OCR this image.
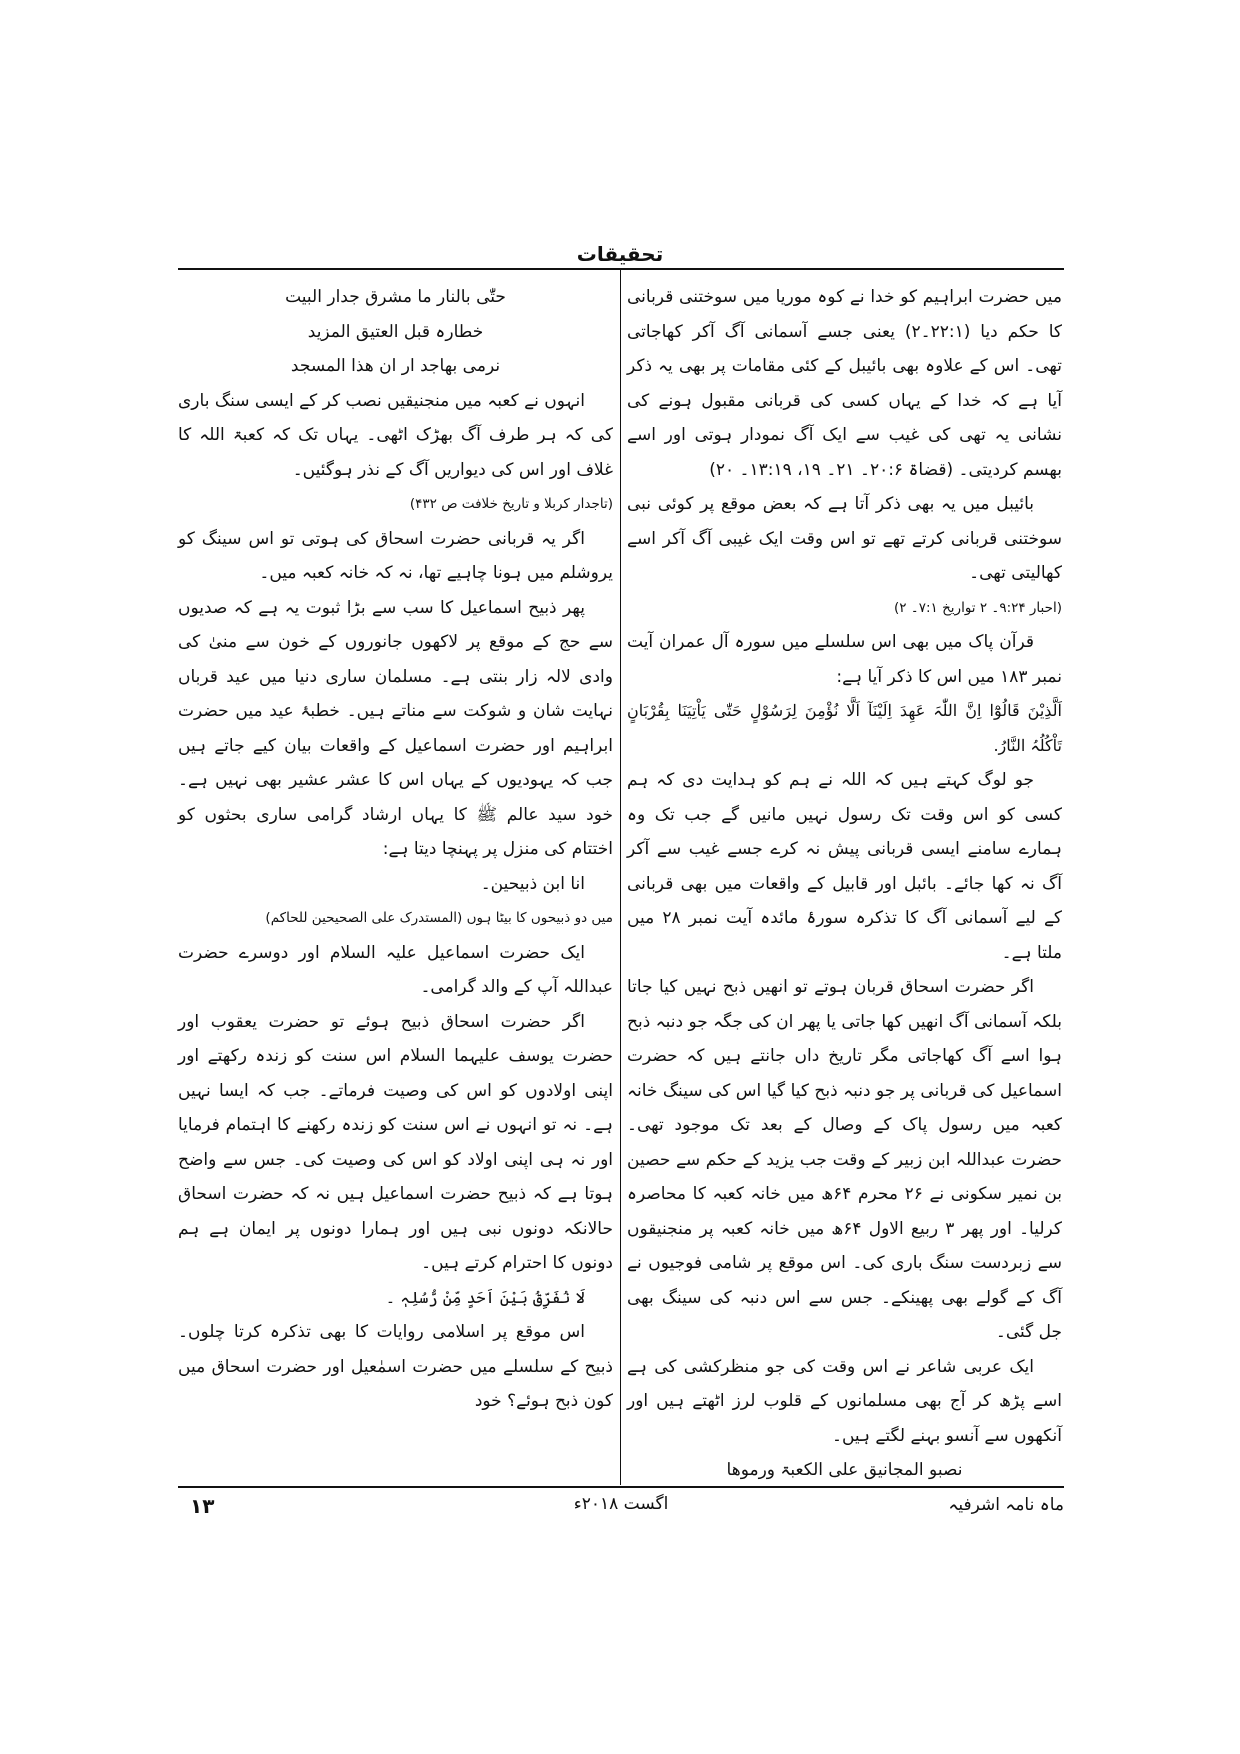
تحقیقات

میں حضرت ابراہیم کو خدا نے کوہ موریا میں سوختنی قربانی کا حکم دیا (۲۲:۱۔۲) یعنی جسے آسمانی آگ آکر کھاجاتی تھی۔ اس کے علاوہ بھی بائیبل کے کئی مقامات پر بھی یہ ذکر آیا ہے کہ خدا کے یہاں کسی کی قربانی مقبول ہونے کی نشانی یہ تھی کی غیب سے ایک آگ نمودار ہوتی اور اسے بھسم کردیتی۔ (قضاۃ ۲۰:۶۔ ۲۱۔ ۱۹، ۱۳:۱۹۔ ۲۰)

بائیبل میں یہ بھی ذکر آتا ہے کہ بعض موقع پر کوئی نبی سوختنی قربانی کرتے تھے تو اس وقت ایک غیبی آگ آکر اسے کھالیتی تھی۔

(احبار ۹:۲۴۔ ۲ تواریخ ۷:۱۔ ۲)

قرآن پاک میں بھی اس سلسلے میں سورہ آل عمران آیت نمبر ۱۸۳ میں اس کا ذکر آیا ہے:

اَلَّذِیْنَ قَالُوْٓا اِنَّ اللّٰہَ عَھِدَ اِلَیْنَآ اَلَّا نُؤْمِنَ لِرَسُوْلٍ حَتّٰی یَاْتِیَنَا بِقُرْبَانٍ تَاْکُلُہُ النَّارُ.

جو لوگ کہتے ہیں کہ اللہ نے ہم کو ہدایت دی کہ ہم کسی کو اس وقت تک رسول نہیں مانیں گے جب تک وہ ہمارے سامنے ایسی قربانی پیش نہ کرے جسے غیب سے آکر آگ نہ کھا جائے۔ بائبل اور قابیل کے واقعات میں بھی قربانی کے لیے آسمانی آگ کا تذکرہ سورۂ مائدہ آیت نمبر ۲۸ میں ملتا ہے۔

اگر حضرت اسحاق قربان ہوتے تو انھیں ذبح نہیں کیا جاتا بلکہ آسمانی آگ انھیں کھا جاتی یا پھر ان کی جگہ جو دنبہ ذبح ہوا اسے آگ کھاجاتی مگر تاریخ داں جانتے ہیں کہ حضرت اسماعیل کی قربانی پر جو دنبہ ذبح کیا گیا اس کی سینگ خانہ کعبہ میں رسول پاک کے وصال کے بعد تک موجود تھی۔ حضرت عبداللہ ابن زبیر کے وقت جب یزید کے حکم سے حصین بن نمیر سکونی نے ۲۶ محرم ۶۴ھ میں خانہ کعبہ کا محاصرہ کرلیا۔ اور پھر ۳ ربیع الاول ۶۴ھ میں خانہ کعبہ پر منجنیقوں سے زبردست سنگ باری کی۔ اس موقع پر شامی فوجیوں نے آگ کے گولے بھی پھینکے۔ جس سے اس دنبہ کی سینگ بھی جل گئی۔

ایک عربی شاعر نے اس وقت کی جو منظرکشی کی ہے اسے پڑھ کر آج بھی مسلمانوں کے قلوب لرز اٹھتے ہیں اور آنکھوں سے آنسو بہنے لگتے ہیں۔

نصبو المجانیق علی الکعبۃ ورموھا

حتّٰی بالنار ما مشرق جدار البیت

خطارہ قبل العتیق المزید

نرمی بھاجد ار ان ھذا المسجد

انہوں نے کعبہ میں منجنیقیں نصب کر کے ایسی سنگ باری کی کہ ہر طرف آگ بھڑک اٹھی۔ یہاں تک کہ کعبۃ اللہ کا غلاف اور اس کی دیواریں آگ کے نذر ہوگئیں۔

(تاجدار کربلا و تاریخ خلافت ص ۴۳۲)

اگر یہ قربانی حضرت اسحاق کی ہوتی تو اس سینگ کو یروشلم میں ہونا چاہیے تھا، نہ کہ خانہ کعبہ میں۔

پھر ذبیح اسماعیل کا سب سے بڑا ثبوت یہ ہے کہ صدیوں سے حج کے موقع پر لاکھوں جانوروں کے خون سے منیٰ کی وادی لالہ زار بنتی ہے۔ مسلمان ساری دنیا میں عید قرباں نہایت شان و شوکت سے مناتے ہیں۔ خطبۂ عید میں حضرت ابراہیم اور حضرت اسماعیل کے واقعات بیان کیے جاتے ہیں جب کہ یہودیوں کے یہاں اس کا عشر عشیر بھی نہیں ہے۔ خود سید عالم ﷺ کا یہاں ارشاد گرامی ساری بحثوں کو اختتام کی منزل پر پہنچا دیتا ہے:

انا ابن ذبیحین۔

میں دو ذبیحوں کا بیٹا ہوں (المستدرک علی الصحیحین للحاکم)

ایک حضرت اسماعیل علیہ السلام اور دوسرے حضرت عبداللہ آپ کے والد گرامی۔

اگر حضرت اسحاق ذبیح ہوئے تو حضرت یعقوب اور حضرت یوسف علیہما السلام اس سنت کو زندہ رکھتے اور اپنی اولادوں کو اس کی وصیت فرماتے۔ جب کہ ایسا نہیں ہے۔ نہ تو انہوں نے اس سنت کو زندہ رکھنے کا اہتمام فرمایا اور نہ ہی اپنی اولاد کو اس کی وصیت کی۔ جس سے واضح ہوتا ہے کہ ذبیح حضرت اسماعیل ہیں نہ کہ حضرت اسحاق حالانکہ دونوں نبی ہیں اور ہمارا دونوں پر ایمان ہے ہم دونوں کا احترام کرتے ہیں۔

لَا نُفَرِّقُ بَیْنَ اَحَدٍ مِّنْ رُّسُلِہٖ ۔

اس موقع پر اسلامی روایات کا بھی تذکرہ کرتا چلوں۔ ذبیح کے سلسلے میں حضرت اسمٰعیل اور حضرت اسحاق میں کون ذبح ہوئے؟ خود

ماہ نامہ اشرفیہ
اگست ۲۰۱۸ء
۱۳
